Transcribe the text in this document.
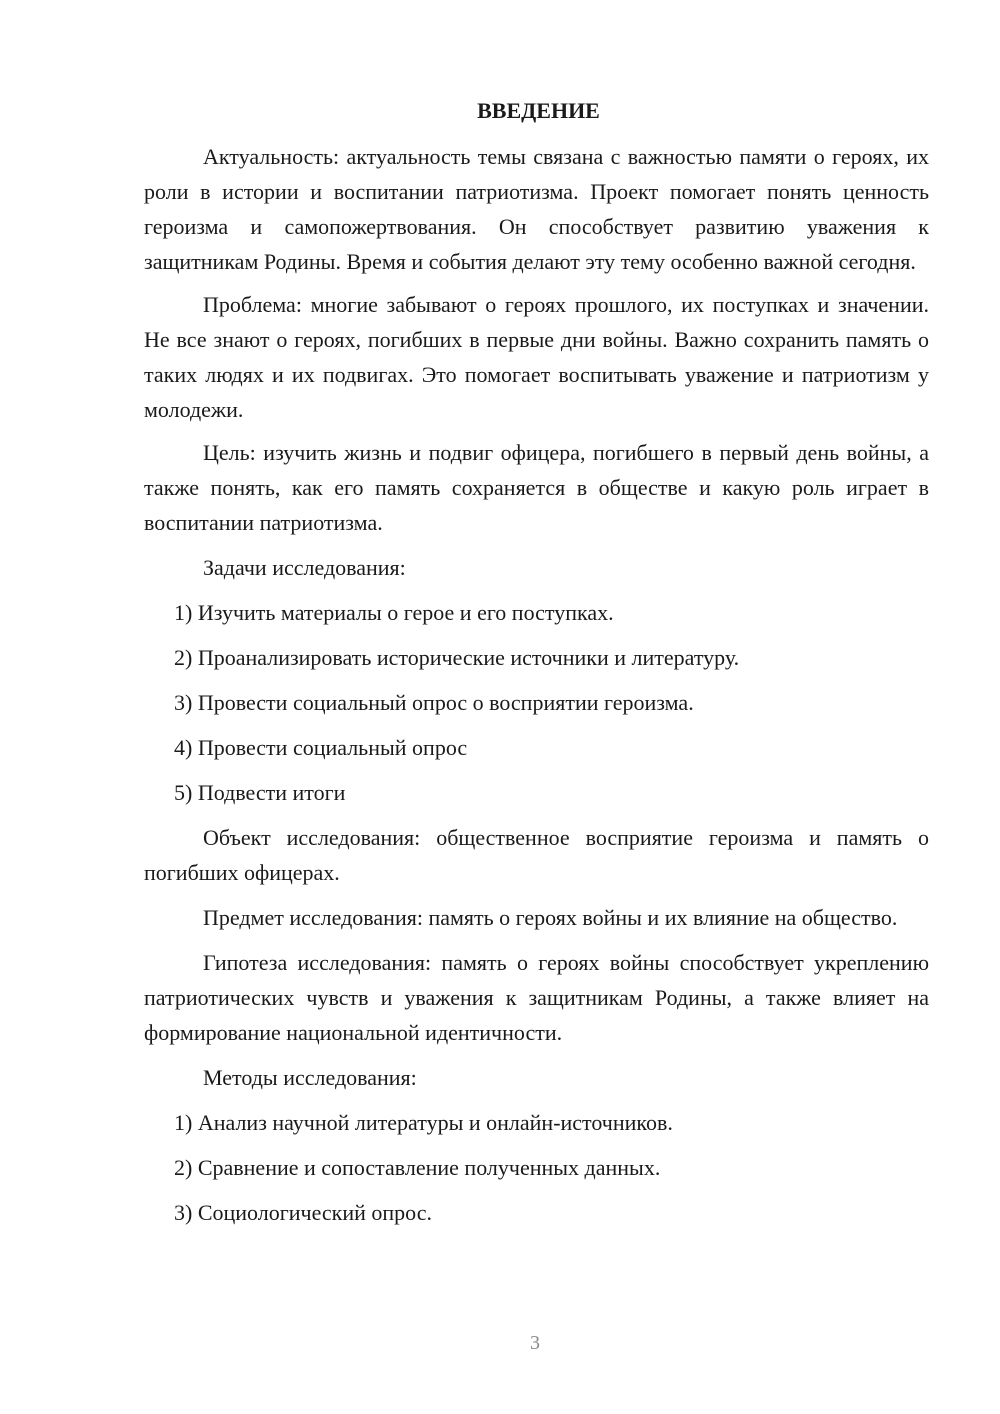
ВВЕДЕНИЕ

Актуальность: актуальность темы связана с важностью памяти о героях, их роли в истории и воспитании патриотизма. Проект помогает понять ценность героизма и самопожертвования. Он способствует развитию уважения к защитникам Родины. Время и события делают эту тему особенно важной сегодня.

Проблема: многие забывают о героях прошлого, их поступках и значении. Не все знают о героях, погибших в первые дни войны. Важно сохранить память о таких людях и их подвигах. Это помогает воспитывать уважение и патриотизм у молодежи.

Цель: изучить жизнь и подвиг офицера, погибшего в первый день войны, а также понять, как его память сохраняется в обществе и какую роль играет в воспитании патриотизма.

Задачи исследования:

1) Изучить материалы о герое и его поступках.

2) Проанализировать исторические источники и литературу.

3) Провести социальный опрос о восприятии героизма.

4) Провести социальный опрос

5) Подвести итоги

Объект исследования: общественное восприятие героизма и память о погибших офицерах.

Предмет исследования: память о героях войны и их влияние на общество.

Гипотеза исследования: память о героях войны способствует укреплению патриотических чувств и уважения к защитникам Родины, а также влияет на формирование национальной идентичности.

Методы исследования:

1) Анализ научной литературы и онлайн-источников.

2) Сравнение и сопоставление полученных данных.

3) Социологический опрос.

3
